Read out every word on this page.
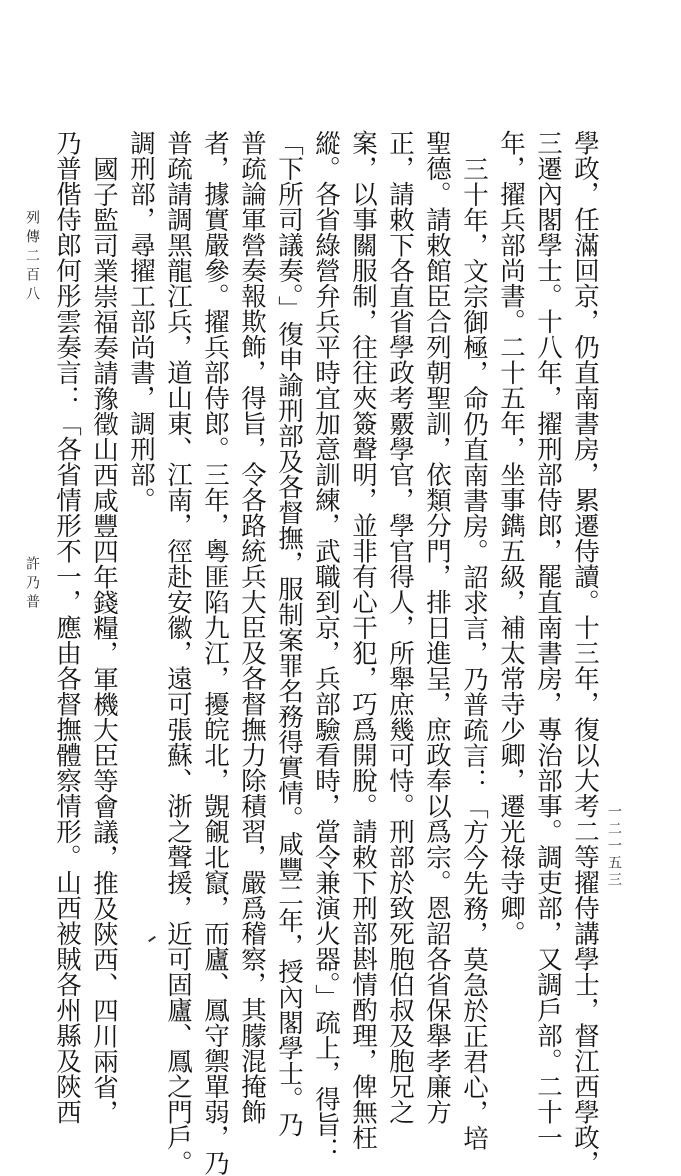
一二一五三
學政，任滿回京，仍直南書房，累遷侍讀。十三年，復以大考二等擢侍講學士，督江西學政，
三遷內閣學士。十八年，擢刑部侍郎，罷直南書房，專治部事。調吏部，又調戶部。二十一
年，擢兵部尚書。二十五年，坐事鐫五級，補太常寺少卿，遷光祿寺卿。
三十年，文宗御極，命仍直南書房。詔求言，乃普疏言：「方今先務，莫急於正君心，培
聖德。請敕館臣合列朝聖訓，依類分門，排日進呈，庶政奉以爲宗。恩詔各省保舉孝廉方
正，請敕下各直省學政考覈學官，學官得人，所舉庶幾可恃。刑部於致死胞伯叔及胞兄之
案，以事關服制，往往夾簽聲明，並非有心干犯，巧爲開脫。請敕下刑部斟情酌理，俾無枉
縱。各省綠營弁兵平時宜加意訓練，武職到京，兵部驗看時，當令兼演火器。」疏上，得旨：
「下所司議奏。」復申諭刑部及各督撫，服制案罪名務得實情。咸豐二年，授內閣學士。乃
普疏論軍營奏報欺飾，得旨，令各路統兵大臣及各督撫力除積習，嚴爲稽察，其朦混掩飾
者，據實嚴參。擢兵部侍郎。三年，粵匪陷九江，擾皖北，覬覦北竄，而廬、鳳守禦單弱，乃
普疏請調黑龍江兵，道山東、江南，徑赴安徽，遠可張蘇、浙之聲援，近可固廬、鳳之門戶。
調刑部，尋擢工部尚書，調刑部。
國子監司業崇福奏請豫徵山西咸豐四年錢糧，軍機大臣等會議，推及陝西、四川兩省，
乃普偕侍郎何彤雲奏言：「各省情形不一，應由各督撫體察情形。山西被賊各州縣及陝西
列傳二百八
許乃普
